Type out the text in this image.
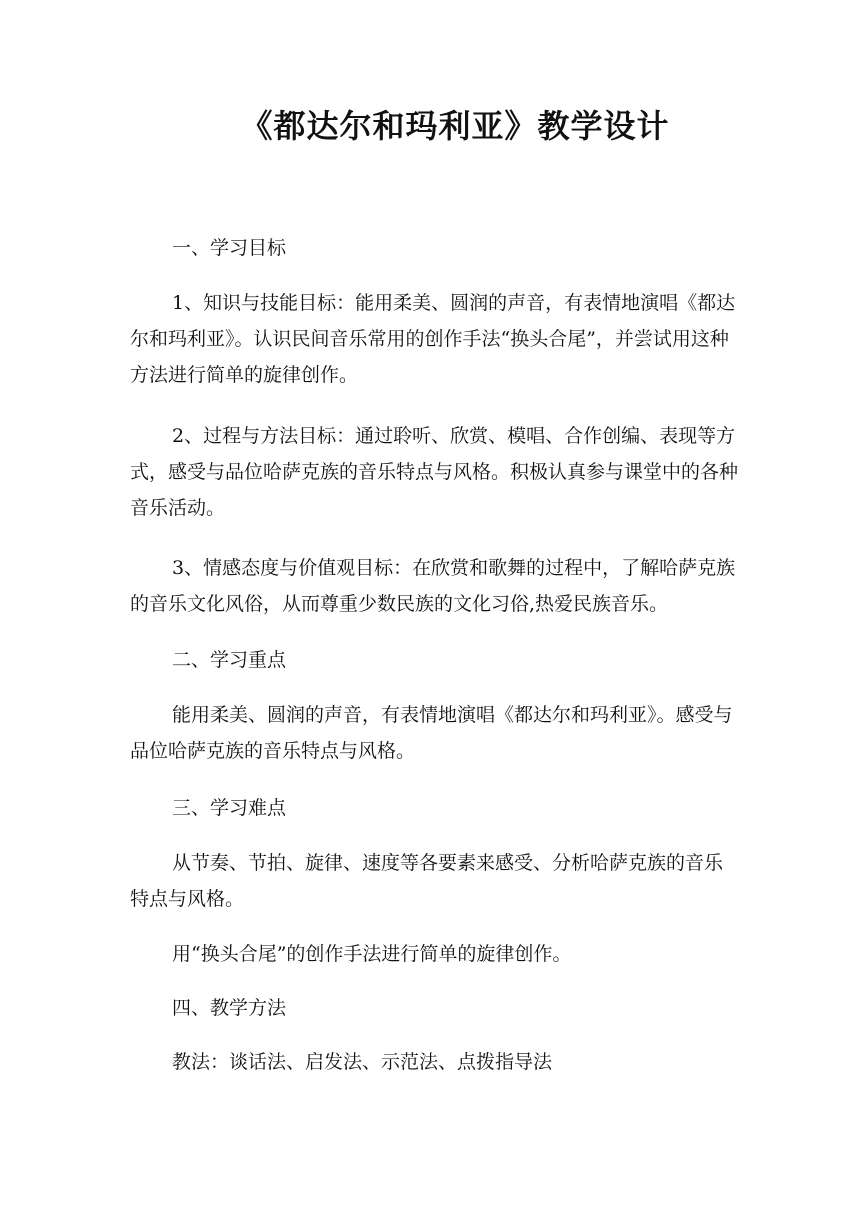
《都达尔和玛利亚》教学设计
一、学习目标
1、知识与技能目标：能用柔美、圆润的声音，有表情地演唱《都达尔和玛利亚》。认识民间音乐常用的创作手法“换头合尾”，并尝试用这种方法进行简单的旋律创作。
2、过程与方法目标：通过聆听、欣赏、模唱、合作创编、表现等方式，感受与品位哈萨克族的音乐特点与风格。积极认真参与课堂中的各种音乐活动。
3、情感态度与价值观目标：在欣赏和歌舞的过程中，了解哈萨克族的音乐文化风俗，从而尊重少数民族的文化习俗,热爱民族音乐。
二、学习重点
能用柔美、圆润的声音，有表情地演唱《都达尔和玛利亚》。感受与品位哈萨克族的音乐特点与风格。
三、学习难点
从节奏、节拍、旋律、速度等各要素来感受、分析哈萨克族的音乐特点与风格。
用“换头合尾”的创作手法进行简单的旋律创作。
四、教学方法
教法：谈话法、启发法、示范法、点拨指导法
